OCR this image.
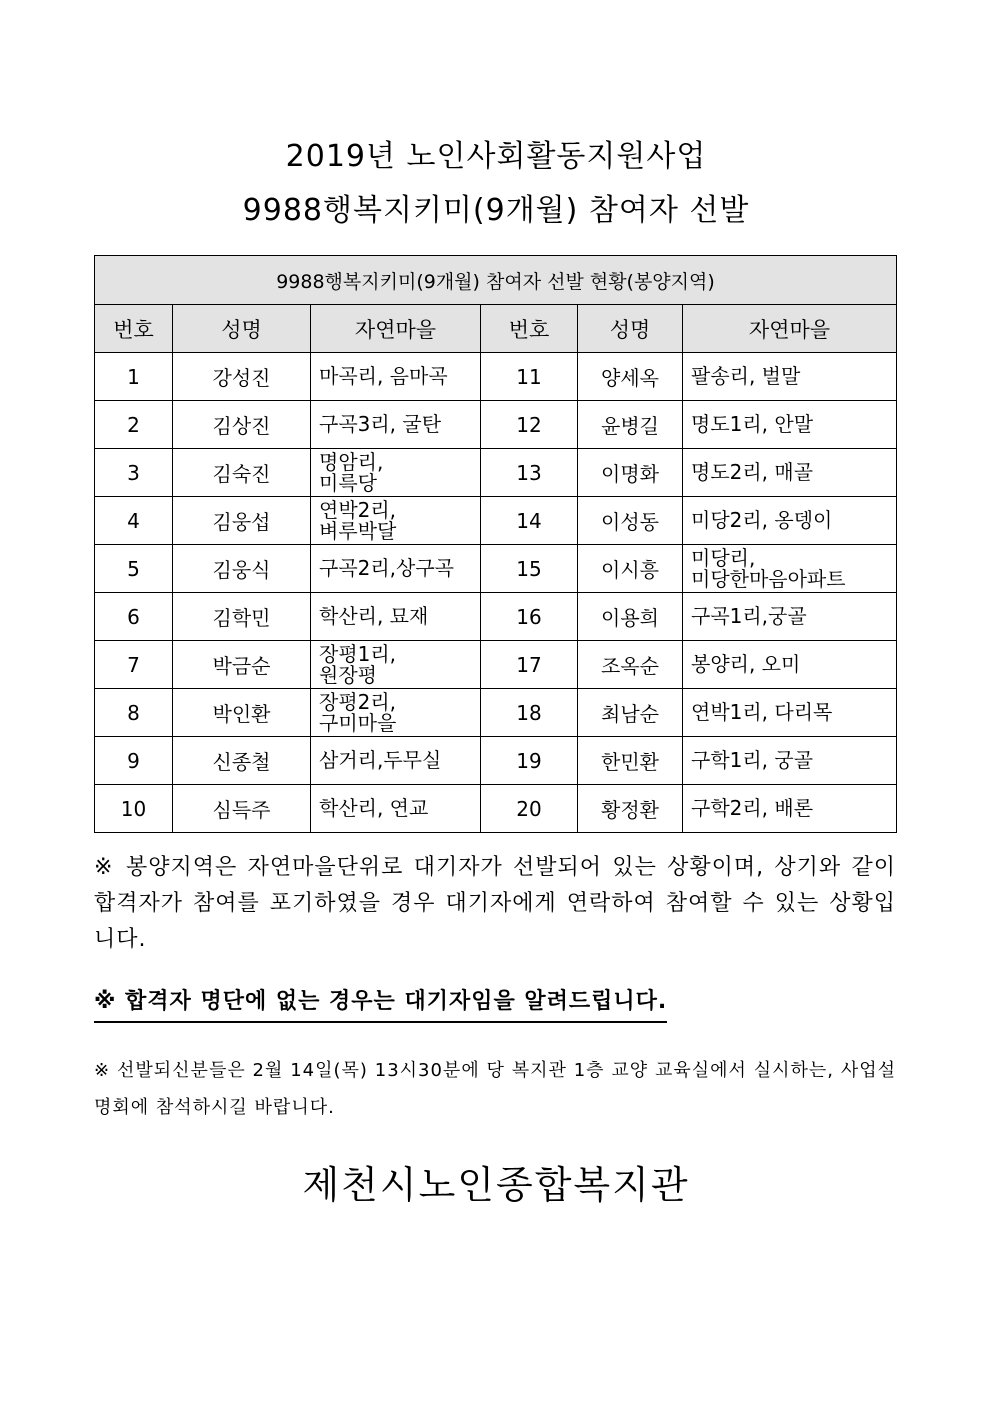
2019년 노인사회활동지원사업
9988행복지키미(9개월) 참여자 선발
9988행복지키미(9개월) 참여자 선발 현황(봉양지역)					
번호	성명	자연마을	번호	성명	자연마을
1	강성진	마곡리, 음마곡	11	양세옥	팔송리, 벌말

2	김상진	구곡3리, 굴탄	12	윤병길	명도1리, 안말

3	김숙진	명암리,
미륵당	13	이명화	명도2리, 매골

4	김웅섭	연박2리,
벼루박달	14	이성동	미당2리, 옹뎅이

5	김웅식	구곡2리,상구곡	15	이시흥	미당리,
미당한마음아파트

6	김학민	학산리, 묘재	16	이용희	구곡1리,궁골

7	박금순	장평1리,
원장평	17	조옥순	봉양리, 오미

8	박인환	장평2리,
구미마을	18	최남순	연박1리, 다리목

9	신종철	삼거리,두무실	19	한민환	구학1리, 궁골

10	심득주	학산리, 연교	20	황정환	구학2리, 배론
※ 봉양지역은 자연마을단위로 대기자가 선발되어 있는 상황이며, 상기와 같이 합격자가 참여를 포기하였을 경우 대기자에게 연락하여 참여할 수 있는 상황입니다.
※ 합격자 명단에 없는 경우는 대기자임을 알려드립니다.
※ 선발되신분들은 2월 14일(목) 13시30분에 당 복지관 1층 교양 교육실에서 실시하는, 사업설명회에 참석하시길 바랍니다.
제천시노인종합복지관
